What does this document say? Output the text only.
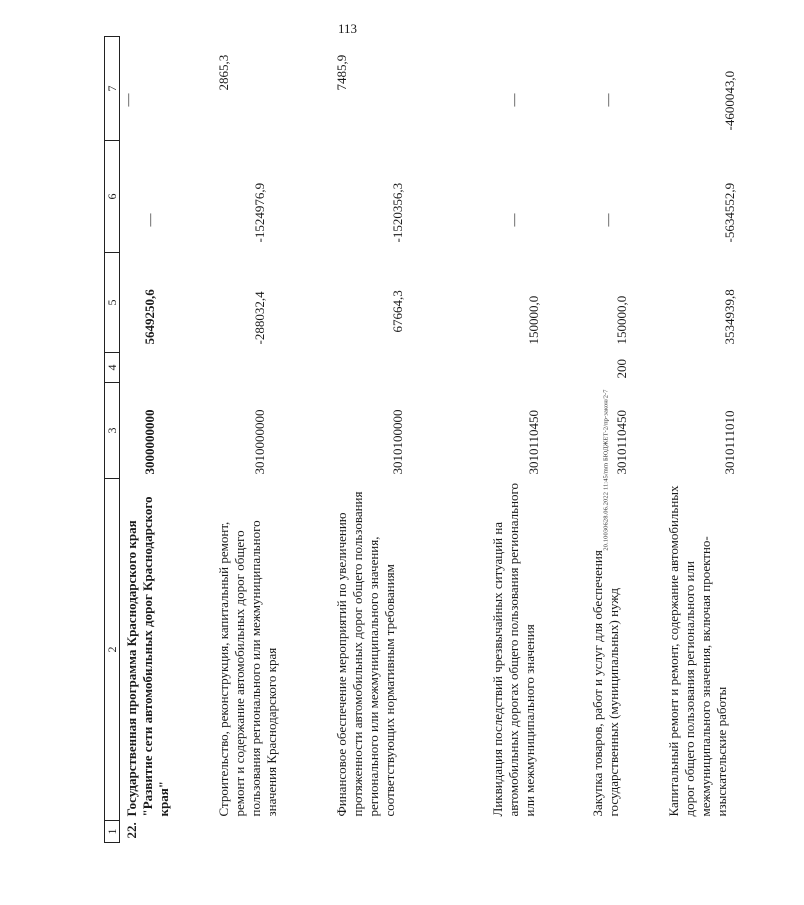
113
20.10030628.06.2022 11:45/mm БЮДЖЕТ-2/пр-закон/2-7
1	2	3	4	5	6	7
22.	Государственная программа Краснодарского края "Развитие сети автомобильных дорог Краснодарского края"	3000000000		5649250,6	—	—
	Строительство, реконструкция, капитальный ремонт, ремонт и содержание автомобильных дорог общего пользования регионального или межмуниципального значения Краснодарского края	3010000000		-288032,4	-1524976,9	2865,3
	Финансовое обеспечение мероприятий по увеличению протяженности автомобильных дорог общего пользования регионального или межмуниципального значения, соответствующих нормативным требованиям	3010100000		67664,3	-1520356,3	7485,9
	Ликвидация последствий чрезвычайных ситуаций на автомобильных дорогах общего пользования регионального или межмуниципального значения	3010110450		150000,0	—	—
	Закупка товаров, работ и услуг для обеспечения государственных (муниципальных) нужд	3010110450	200	150000,0	—	—
	Капитальный ремонт и ремонт, содержание автомобильных дорог общего пользования регионального или межмуниципального значения, включая проектно-изыскательские работы	3010111010		3534939,8	-5634552,9	-4600043,0
